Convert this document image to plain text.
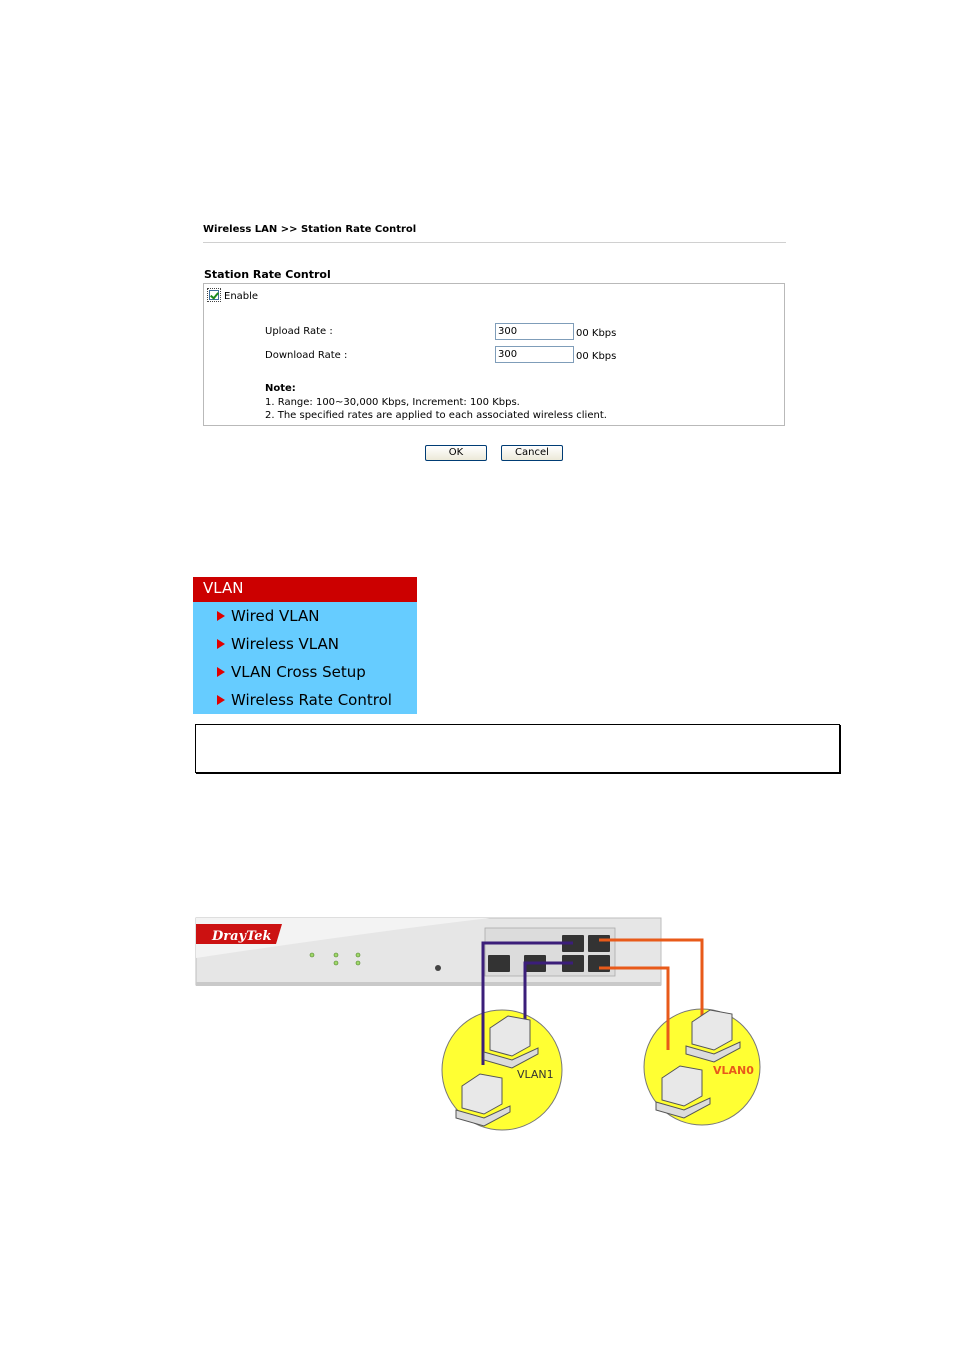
Wireless LAN >> Station Rate Control
Station Rate Control
Enable
Upload Rate :
300	00 Kbps
Download Rate :
300	00 Kbps
Note:
1. Range: 100~30,000 Kbps, Increment: 100 Kbps.
2. The specified rates are applied to each associated wireless client.
OK	Cancel
VLAN
Wired VLAN
Wireless VLAN
VLAN Cross Setup
Wireless Rate Control
DrayTek
VLAN1	VLAN0
